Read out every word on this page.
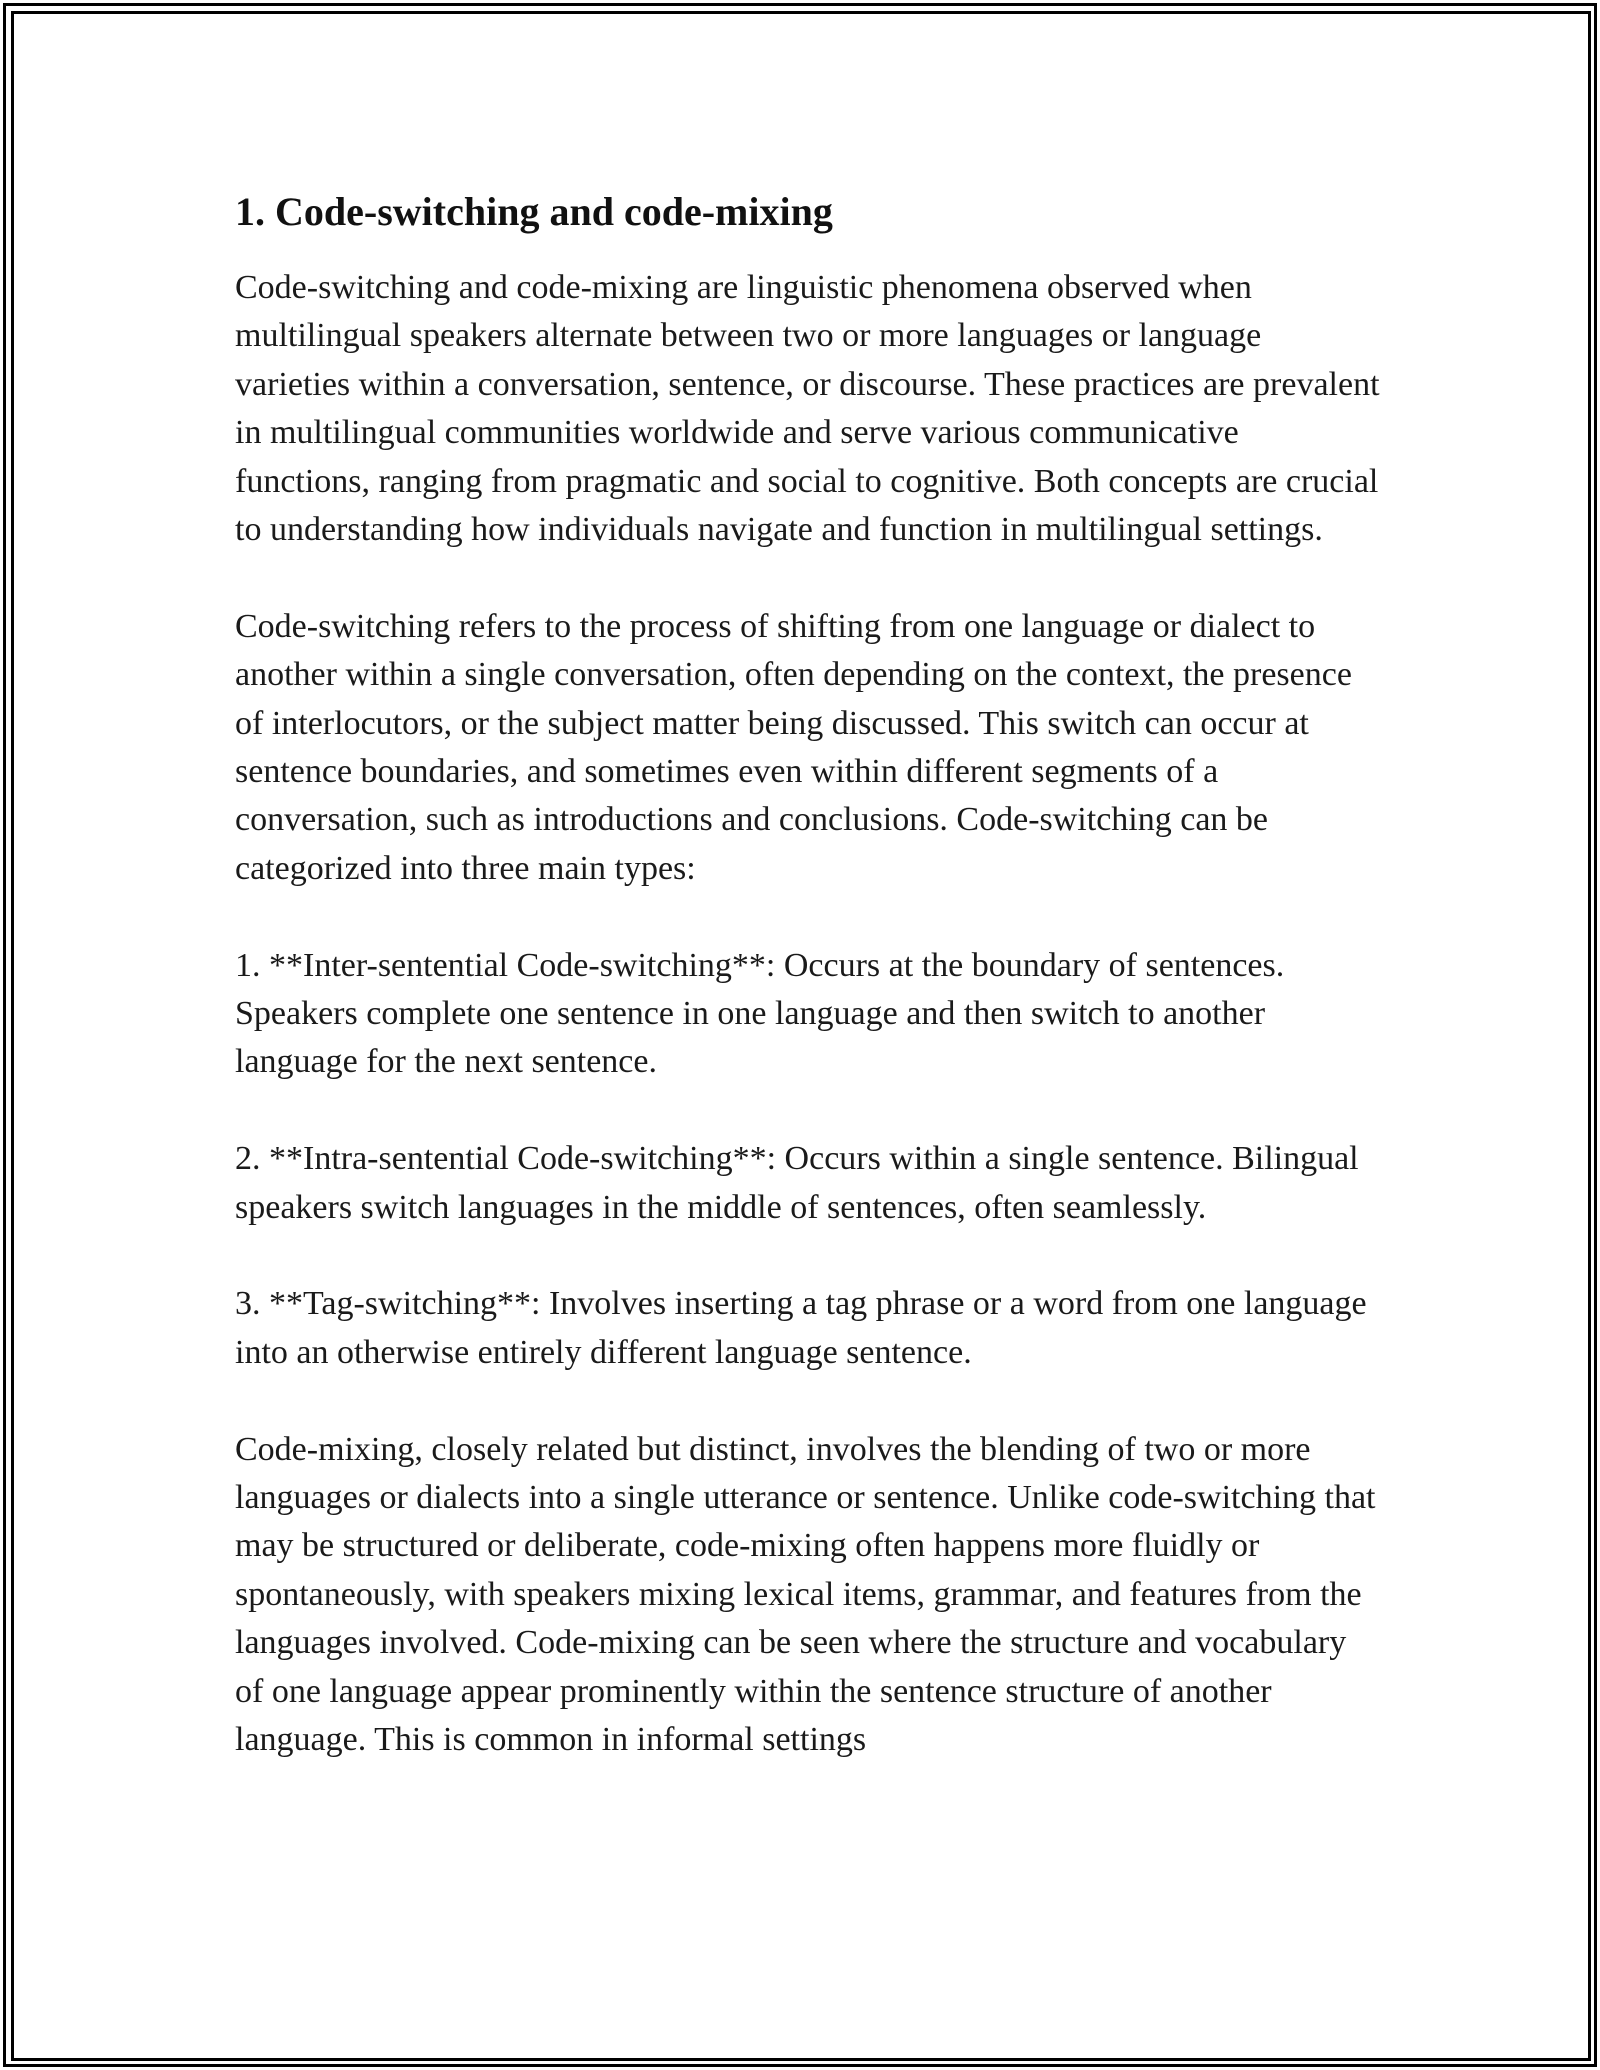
1. Code-switching and code-mixing

Code-switching and code-mixing are linguistic phenomena observed when multilingual speakers alternate between two or more languages or language varieties within a conversation, sentence, or discourse. These practices are prevalent in multilingual communities worldwide and serve various communicative functions, ranging from pragmatic and social to cognitive. Both concepts are crucial to understanding how individuals navigate and function in multilingual settings.

Code-switching refers to the process of shifting from one language or dialect to another within a single conversation, often depending on the context, the presence of interlocutors, or the subject matter being discussed. This switch can occur at sentence boundaries, and sometimes even within different segments of a conversation, such as introductions and conclusions. Code-switching can be categorized into three main types:

1. **Inter-sentential Code-switching**: Occurs at the boundary of sentences. Speakers complete one sentence in one language and then switch to another language for the next sentence.

2. **Intra-sentential Code-switching**: Occurs within a single sentence. Bilingual speakers switch languages in the middle of sentences, often seamlessly.

3. **Tag-switching**: Involves inserting a tag phrase or a word from one language into an otherwise entirely different language sentence.

Code-mixing, closely related but distinct, involves the blending of two or more languages or dialects into a single utterance or sentence. Unlike code-switching that may be structured or deliberate, code-mixing often happens more fluidly or spontaneously, with speakers mixing lexical items, grammar, and features from the languages involved. Code-mixing can be seen where the structure and vocabulary of one language appear prominently within the sentence structure of another language. This is common in informal settings
